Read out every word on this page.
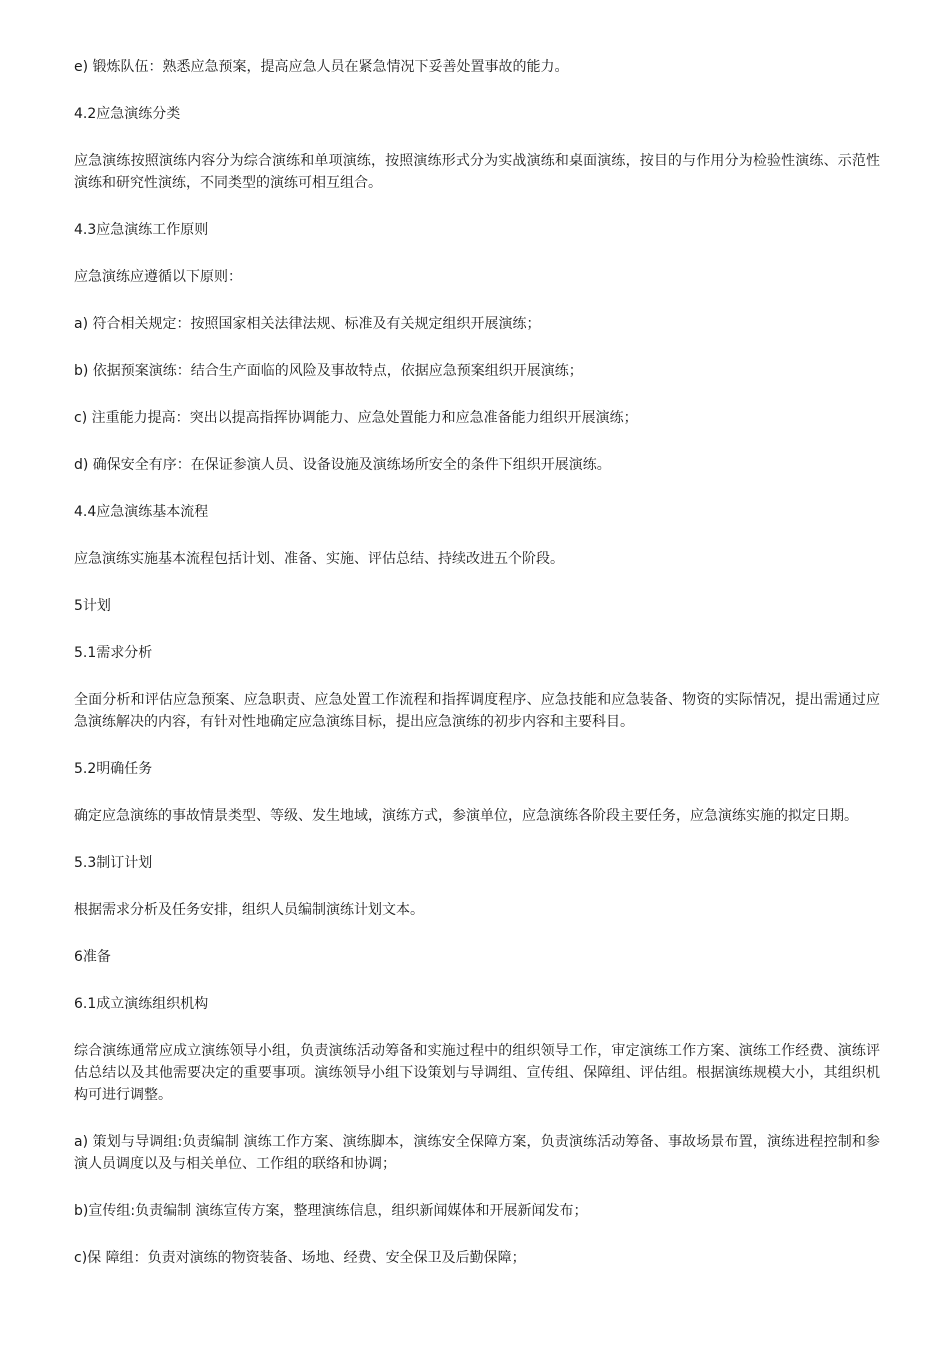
e) 锻炼队伍：熟悉应急预案，提高应急人员在紧急情况下妥善处置事故的能力。

4.2应急演练分类

应急演练按照演练内容分为综合演练和单项演练，按照演练形式分为实战演练和桌面演练，按目的与作用分为检验性演练、示范性演练和研究性演练，不同类型的演练可相互组合。

4.3应急演练工作原则

应急演练应遵循以下原则：

a) 符合相关规定：按照国家相关法律法规、标准及有关规定组织开展演练；

b) 依据预案演练：结合生产面临的风险及事故特点，依据应急预案组织开展演练；

c) 注重能力提高：突出以提高指挥协调能力、应急处置能力和应急准备能力组织开展演练；

d) 确保安全有序：在保证参演人员、设备设施及演练场所安全的条件下组织开展演练。

4.4应急演练基本流程

应急演练实施基本流程包括计划、准备、实施、评估总结、持续改进五个阶段。

5计划

5.1需求分析

全面分析和评估应急预案、应急职责、应急处置工作流程和指挥调度程序、应急技能和应急装备、物资的实际情况，提出需通过应急演练解决的内容，有针对性地确定应急演练目标，提出应急演练的初步内容和主要科目。

5.2明确任务

确定应急演练的事故情景类型、等级、发生地域，演练方式，参演单位，应急演练各阶段主要任务，应急演练实施的拟定日期。

5.3制订计划

根据需求分析及任务安排，组织人员编制演练计划文本。

6准备

6.1成立演练组织机构

综合演练通常应成立演练领导小组，负责演练活动筹备和实施过程中的组织领导工作，审定演练工作方案、演练工作经费、演练评估总结以及其他需要决定的重要事项。演练领导小组下设策划与导调组、宣传组、保障组、评估组。根据演练规模大小，其组织机构可进行调整。

a) 策划与导调组:负责编制 演练工作方案、演练脚本，演练安全保障方案，负责演练活动筹备、事故场景布置，演练进程控制和参演人员调度以及与相关单位、工作组的联络和协调；

b)宣传组:负责编制 演练宣传方案，整理演练信息，组织新闻媒体和开展新闻发布；

c)保 障组：负责对演练的物资装备、场地、经费、安全保卫及后勤保障；
